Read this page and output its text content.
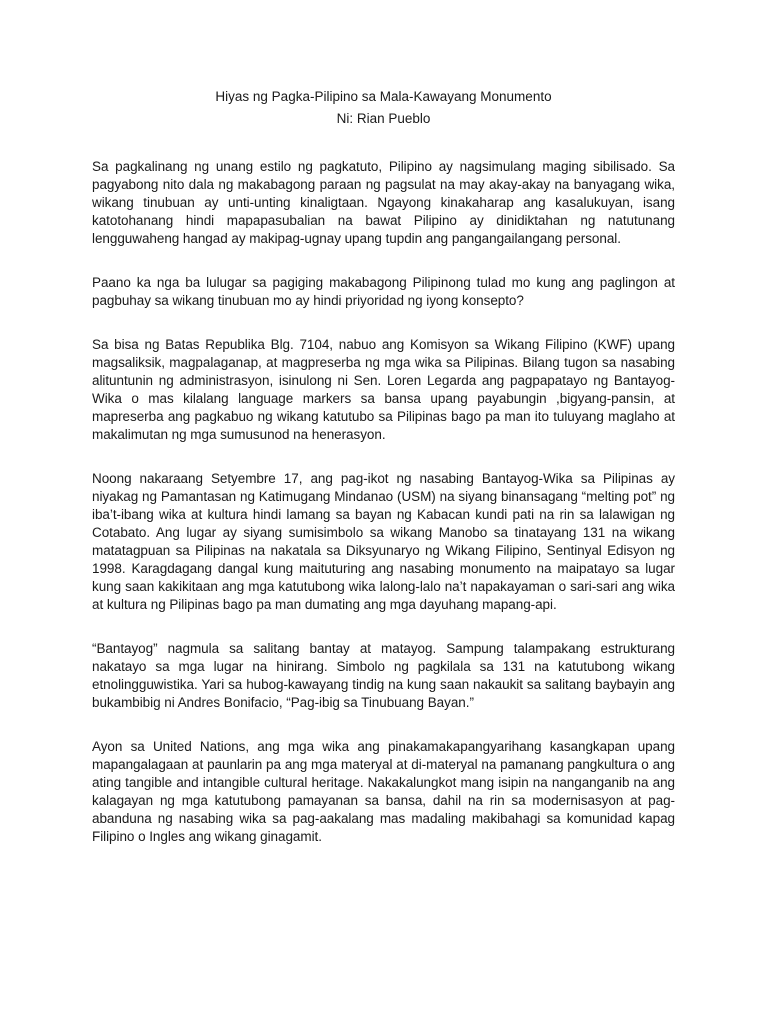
Hiyas ng Pagka-Pilipino sa Mala-Kawayang Monumento

Ni: Rian Pueblo

Sa pagkalinang ng unang estilo ng pagkatuto, Pilipino ay nagsimulang maging sibilisado. Sa pagyabong nito dala ng makabagong paraan ng pagsulat na may akay-akay na banyagang wika, wikang tinubuan ay unti-unting kinaligtaan. Ngayong kinakaharap ang kasalukuyan, isang katotohanang hindi mapapasubalian na bawat Pilipino ay dinidiktahan ng natutunang lengguwaheng hangad ay makipag-ugnay upang tupdin ang pangangailangang personal.

Paano ka nga ba lulugar sa pagiging makabagong Pilipinong tulad mo kung ang paglingon at pagbuhay sa wikang tinubuan mo ay hindi priyoridad ng iyong konsepto?

Sa bisa ng Batas Republika Blg. 7104, nabuo ang Komisyon sa Wikang Filipino (KWF) upang magsaliksik, magpalaganap, at magpreserba ng mga wika sa Pilipinas. Bilang tugon sa nasabing alituntunin ng administrasyon, isinulong ni Sen. Loren Legarda ang pagpapatayo ng Bantayog-Wika o mas kilalang language markers sa bansa upang payabungin ,bigyang-pansin, at mapreserba ang pagkabuo ng wikang katutubo sa Pilipinas bago pa man ito tuluyang maglaho at makalimutan ng mga sumusunod na henerasyon.

Noong nakaraang Setyembre 17, ang pag-ikot ng nasabing Bantayog-Wika sa Pilipinas ay niyakag ng Pamantasan ng Katimugang Mindanao (USM) na siyang binansagang “melting pot” ng iba’t-ibang wika at kultura hindi lamang sa bayan ng Kabacan kundi pati na rin sa lalawigan ng Cotabato. Ang lugar ay siyang sumisimbolo sa wikang Manobo sa tinatayang 131 na wikang matatagpuan sa Pilipinas na nakatala sa Diksyunaryo ng Wikang Filipino, Sentinyal Edisyon ng 1998. Karagdagang dangal kung maituturing ang nasabing monumento na maipatayo sa lugar kung saan kakikitaan ang mga katutubong wika lalong-lalo na’t napakayaman o sari-sari ang wika at kultura ng Pilipinas bago pa man dumating ang mga dayuhang mapang-api.

“Bantayog” nagmula sa salitang bantay at matayog. Sampung talampakang estrukturang nakatayo sa mga lugar na hinirang. Simbolo ng pagkilala sa 131 na katutubong wikang etnolingguwistika. Yari sa hubog-kawayang tindig na kung saan nakaukit sa salitang baybayin ang bukambibig ni Andres Bonifacio, “Pag-ibig sa Tinubuang Bayan.”

Ayon sa United Nations, ang mga wika ang pinakamakapangyarihang kasangkapan upang mapangalagaan at paunlarin pa ang mga materyal at di-materyal na pamanang pangkultura o ang ating tangible and intangible cultural heritage. Nakakalungkot mang isipin na nanganganib na ang kalagayan ng mga katutubong pamayanan sa bansa, dahil na rin sa modernisasyon at pag-abanduna ng nasabing wika sa pag-aakalang mas madaling makibahagi sa komunidad kapag Filipino o Ingles ang wikang ginagamit.
